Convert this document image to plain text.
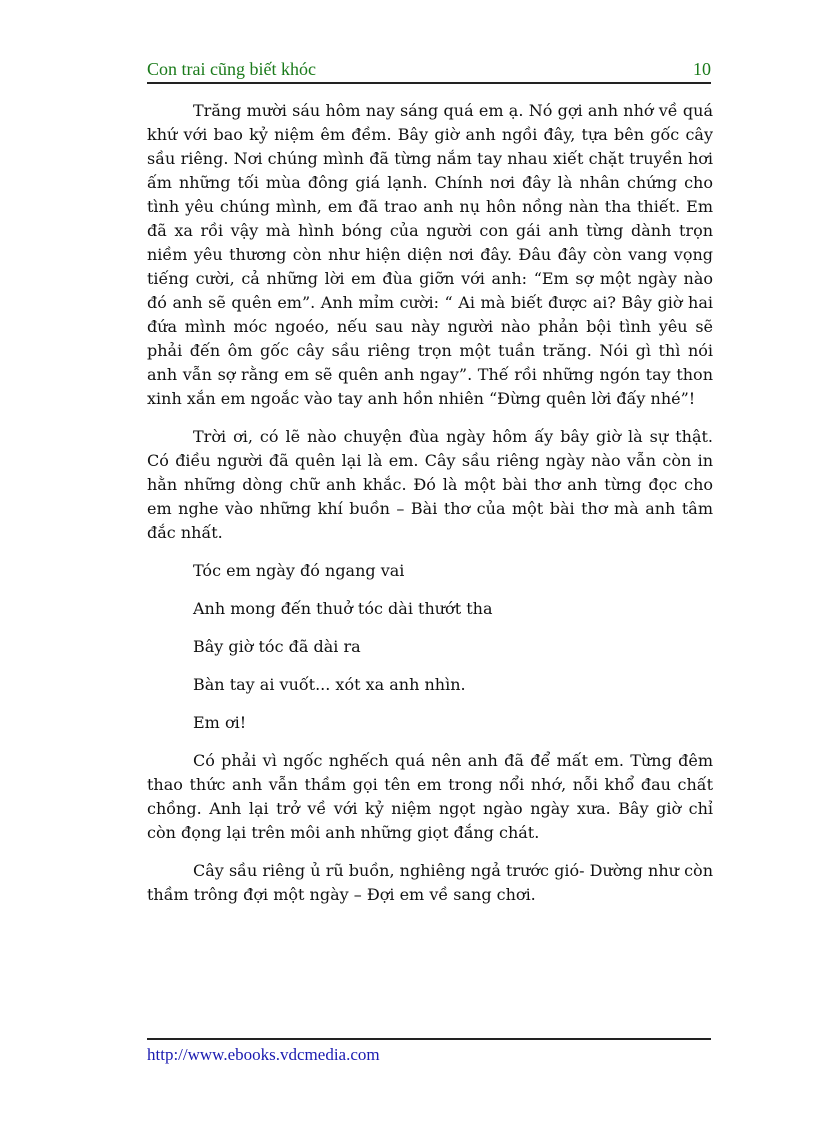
Con trai cũng biết khóc	10

Trăng mười sáu hôm nay sáng quá em ạ. Nó gợi anh nhớ về quá khứ với bao kỷ niệm êm đềm. Bây giờ anh ngồi đây, tựa bên gốc cây sầu riêng. Nơi chúng mình đã từng nắm tay nhau xiết chặt truyền hơi ấm những tối mùa đông giá lạnh. Chính nơi đây là nhân chứng cho tình yêu chúng mình, em đã trao anh nụ hôn nồng nàn tha thiết. Em đã xa rồi vậy mà hình bóng của người con gái anh từng dành trọn niềm yêu thương còn như hiện diện nơi đây. Đâu đây còn vang vọng tiếng cười, cả những lời em đùa giỡn với anh: “Em sợ một ngày nào đó anh sẽ quên em”. Anh mỉm cười: “ Ai mà biết được ai? Bây giờ hai đứa mình móc ngoéo, nếu sau này người nào phản bội tình yêu sẽ phải đến ôm gốc cây sầu riêng trọn một tuần trăng. Nói gì thì nói anh vẫn sợ rằng em sẽ quên anh ngay”. Thế rồi những ngón tay thon xinh xắn em ngoắc vào tay anh hồn nhiên “Đừng quên lời đấy nhé”!

Trời ơi, có lẽ nào chuyện đùa ngày hôm ấy bây giờ là sự thật. Có điều người đã quên lại là em. Cây sầu riêng ngày nào vẫn còn in hằn những dòng chữ anh khắc. Đó là một bài thơ anh từng đọc cho em nghe vào những khí buồn – Bài thơ của một bài thơ mà anh tâm đắc nhất.

Tóc em ngày đó ngang vai

Anh mong đến thuở tóc dài thướt tha

Bây giờ tóc đã dài ra

Bàn tay ai vuốt... xót xa anh nhìn.

Em ơi!

Có phải vì ngốc nghếch quá nên anh đã để mất em. Từng đêm thao thức anh vẫn thầm gọi tên em trong nổi nhớ, nỗi khổ đau chất chồng. Anh lại trở về với kỷ niệm ngọt ngào ngày xưa. Bây giờ chỉ còn đọng lại trên môi anh những giọt đắng chát.

Cây sầu riêng ủ rũ buồn, nghiêng ngả trước gió- Dường như còn thầm trông đợi một ngày – Đợi em về sang chơi.

http://www.ebooks.vdcmedia.com
